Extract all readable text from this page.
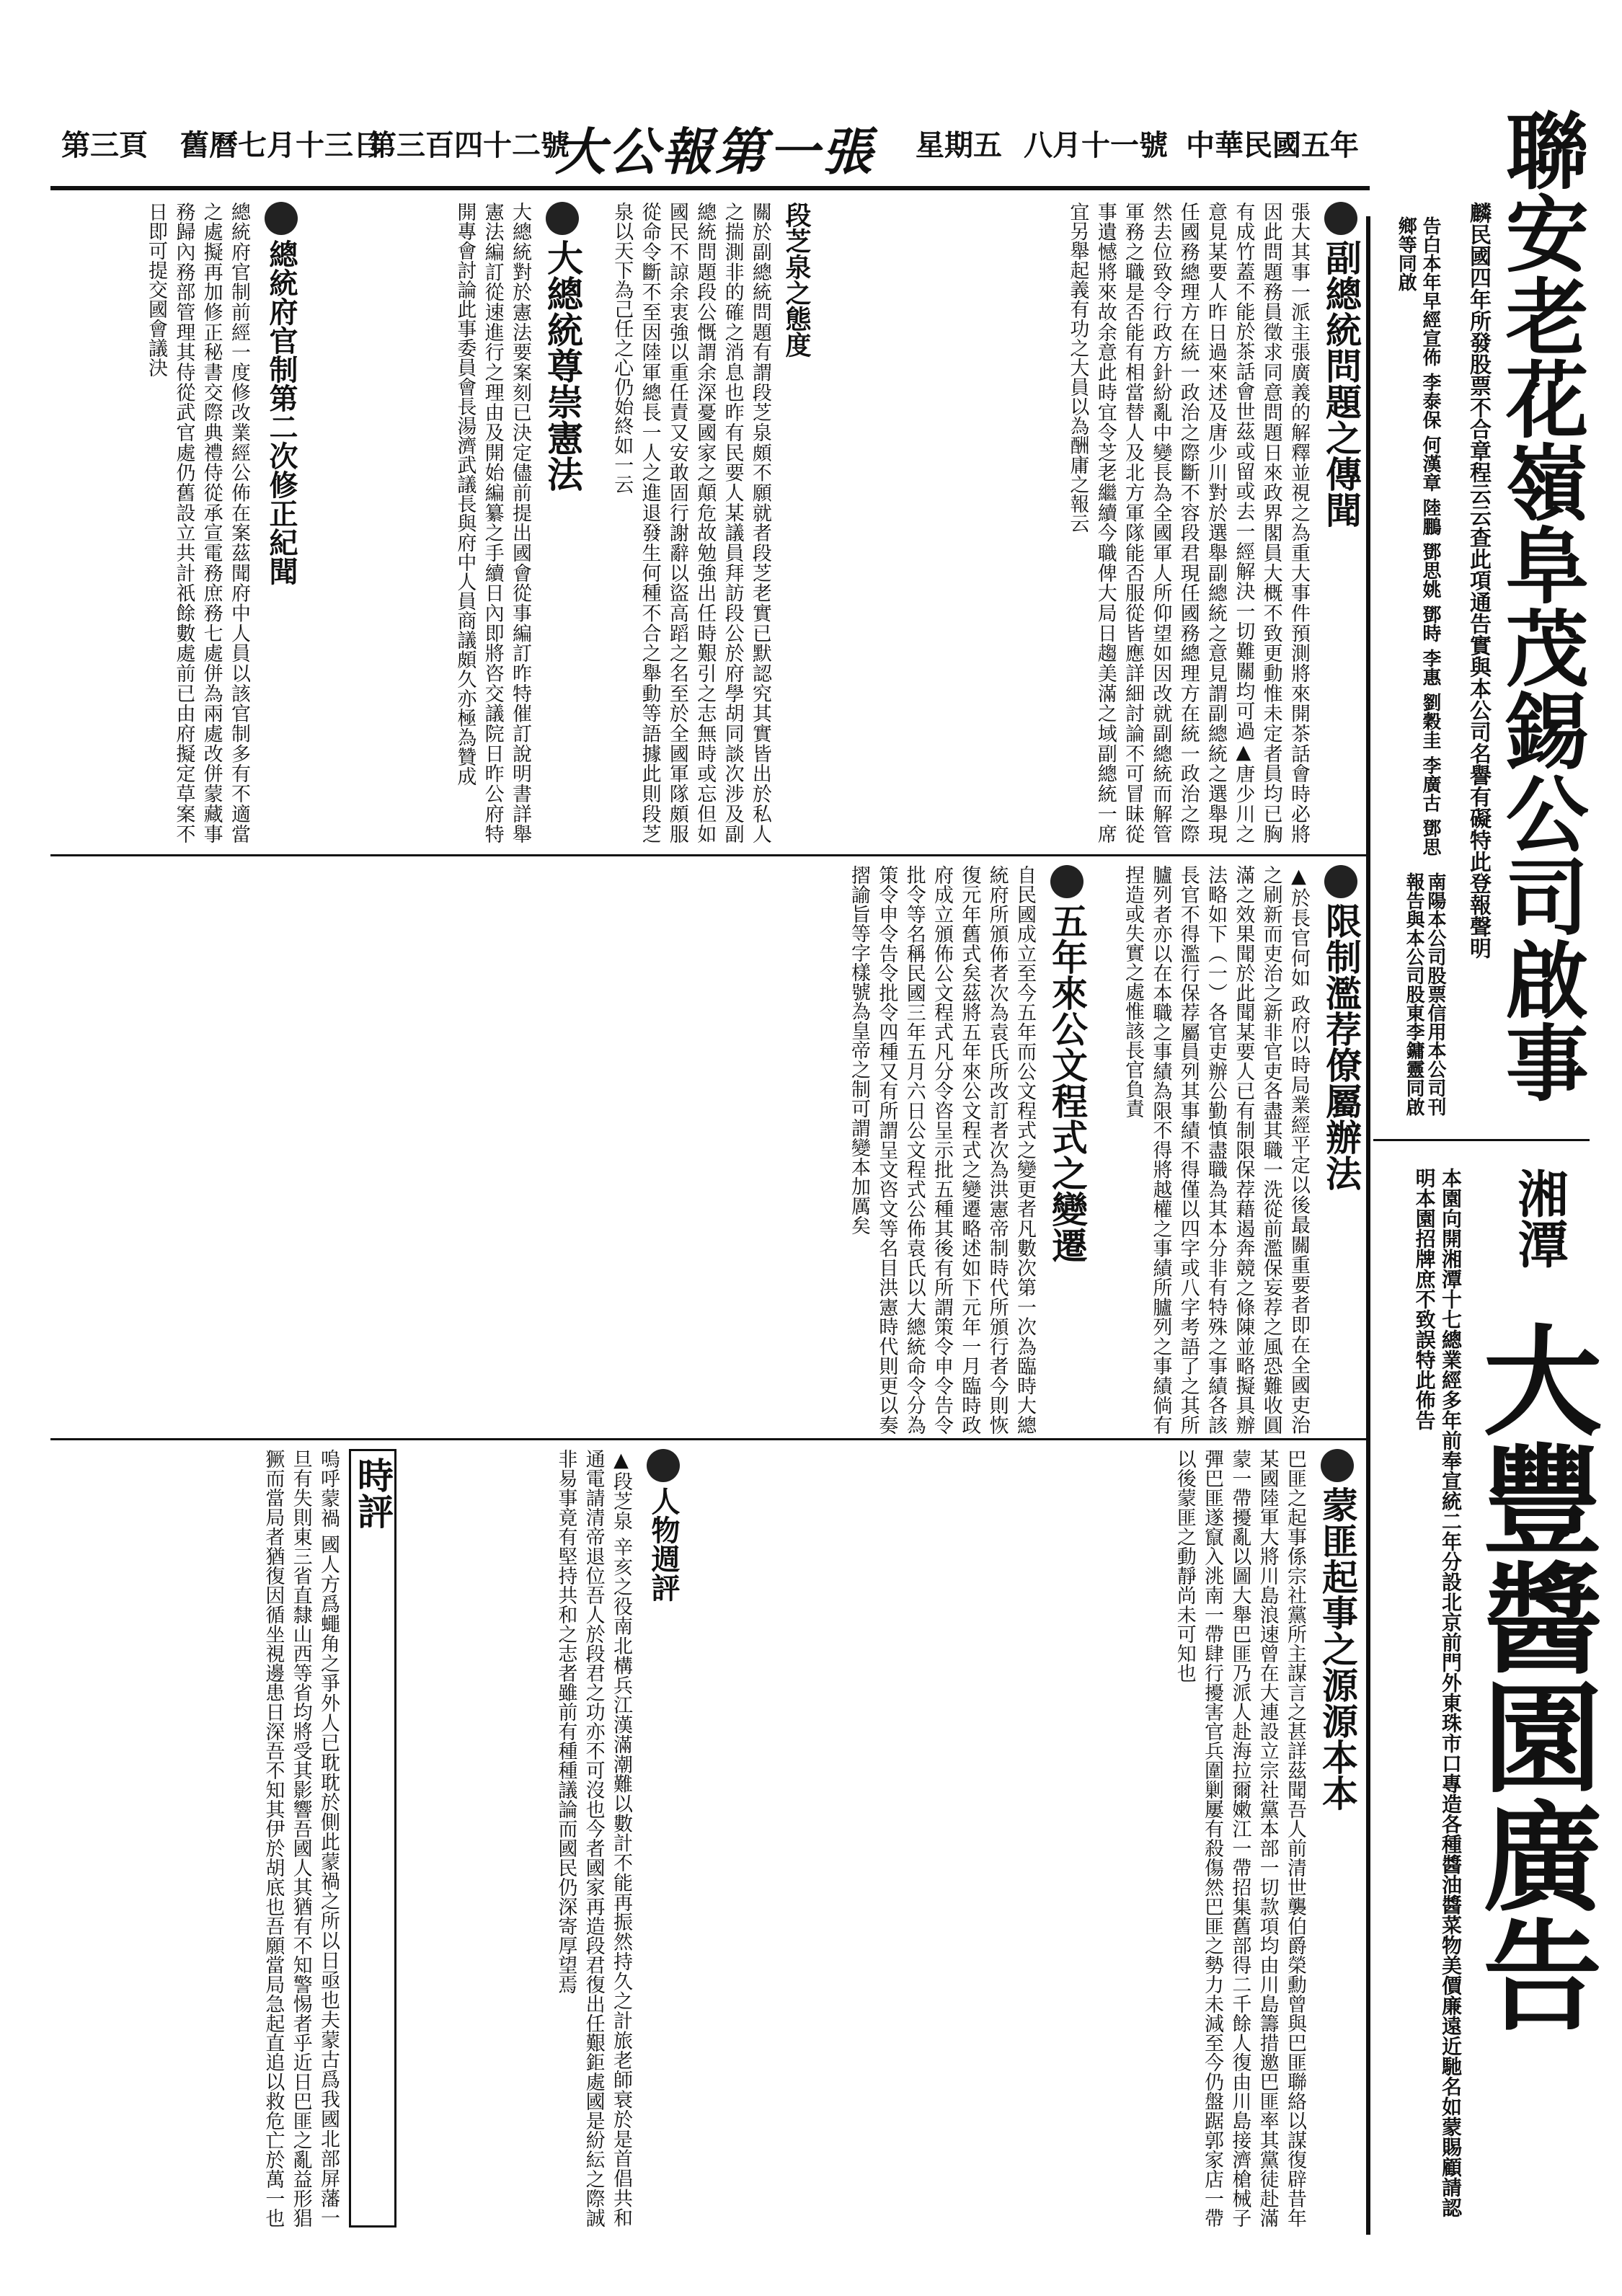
第三頁 舊曆七月十三日
第三百四十二號
大公報第一張 星期五 八月十一號 中華民國五年 聯安老花嶺阜茂錫公司啟事
麟民國四年所發股票不合章程云云查此項通告實與本公司名譽有礙特此登報聲明
告白本年早經宣佈 李泰保 何漢章 陸鵬 鄧思姚 鄧時 李惠 劉穀圭 李廣古 鄧思鄉等同啟
南陽本公司股票信用本公司刊報告與本公司股東李鏞靈同啟
湘潭
大豐醬園廣告
本園向開湘潭十七總業經多年前奉宣統二年分設北京前門外東珠市口專造各種醬油醬菜物美價廉遠近馳名如蒙賜顧請認明本園招牌庶不致誤特此佈告
副總統問題之傳聞

張大其事一派主張廣義的解釋並視之為重大事件預測將來開茶話會時必將因此問題務員徵求同意問題日來政界閣員大概不致更動惟未定者員均已胸有成竹蓋不能於茶話會世茲或留或去一經解決一切難關均可過▲唐少川之意見某要人昨日過來述及唐少川對於選舉副總統之意見謂副總統之選舉現任國務總理方在統一政治之際斷不容段君現任國務總理方在統一政治之際然去位致令行政方針紛亂中變長為全國軍人所仰望如因改就副總統而解管軍務之職是否能有相當替人及北方軍隊能否服從皆應詳細討論不可冒昧從事遺憾將來故余意此時宜令芝老繼續今職俾大局日趨美滿之域副總統一席宜另舉起義有功之大員以為酬庸之報云

段芝泉之態度

關於副總統問題有謂段芝泉頗不願就者段芝老實已默認究其實皆出於私人之揣測非的確之消息也昨有民要人某議員拜訪段公於府學胡同談次涉及副總統問題段公慨謂余深憂國家之顛危故勉強出任時艱引之志無時或忘但如國民不諒余衷強以重任責又安敢固行謝辭以盜高蹈之名至於全國軍隊頗服從命令斷不至因陸軍總長一人之進退發生何種不合之舉動等語據此則段芝泉以天下為己任之心仍始終如一云

大總統尊崇憲法

大總統對於憲法要案刻已決定儘前提出國會從事編訂昨特催訂說明書詳舉憲法編訂從速進行之理由及開始編纂之手續日內即將咨交議院日昨公府特開專會討論此事委員會長湯濟武議長與府中人員商議頗久亦極為贊成

總統府官制第二次修正紀聞

總統府官制前經一度修改業經公佈在案茲聞府中人員以該官制多有不適當之處擬再加修正秘書交際典禮侍從承宣電務庶務七處併為兩處改併蒙藏事務歸內務部管理其侍從武官處仍舊設立共計祇餘數處前已由府擬定草案不日即可提交國會議決

限制濫荐僚屬辦法

▲於長官何如 政府以時局業經平定以後最關重要者即在全國吏治之刷新而吏治之新非官吏各盡其職一洗從前濫保妄荐之風恐難收圓滿之效果聞於此聞某要人已有制限保荐藉遏奔競之條陳並略擬具辦法略如下（一）各官吏辦公勤慎盡職為其本分非有特殊之事績各該長官不得濫行保荐屬員列其事績不得僅以四字或八字考語了之其所臚列者亦以在本職之事績為限不得將越權之事績所臚列之事績倘有捏造或失實之處惟該長官負責

五年來公文程式之變遷

自民國成立至今五年而公文程式之變更者凡數次第一次為臨時大總統府所頒佈者次為袁氏所改訂者次為洪憲帝制時代所頒行者今則恢復元年舊式矣茲將五年來公文程式之變遷略述如下元年一月臨時政府成立頒佈公文程式凡分令咨呈示批五種其後有所謂策令申令告令批令等名稱民國三年五月六日公文程式公佈袁氏以大總統命令分為策令申令告令批令四種又有所謂呈文咨文等名目洪憲時代則更以奏摺諭旨等字樣號為皇帝之制可謂變本加厲矣

蒙匪起事之源源本本

巴匪之起事係宗社黨所主謀言之甚詳茲聞吾人前清世襲伯爵榮勳曾與巴匪聯絡以謀復辟昔年某國陸軍大將川島浪速曾在大連設立宗社黨本部一切款項均由川島籌措邀巴匪率其黨徒赴滿蒙一帶擾亂以圖大舉巴匪乃派人赴海拉爾嫩江一帶招集舊部得二千餘人復由川島接濟槍械子彈巴匪遂竄入洮南一帶肆行擾害官兵圍剿屢有殺傷然巴匪之勢力未減至今仍盤踞郭家店一帶以後蒙匪之動靜尚未可知也

人物週評

▲段芝泉 辛亥之役南北構兵江漢滿潮難以數計不能再振然持久之計旅老師衰於是首倡共和通電請清帝退位吾人於段君之功亦不可沒也今者國家再造段君復出任艱鉅處國是紛紜之際誠非易事竟有堅持共和之志者雖前有種種議論而國民仍深寄厚望焉

時評

嗚呼蒙禍 國人方爲蠅角之爭外人已耽耽於側此蒙禍之所以日亟也夫蒙古爲我國北部屏藩一旦有失則東三省直隸山西等省均將受其影響吾國人其猶有不知警惕者乎近日巴匪之亂益形猖獗而當局者猶復因循坐視邊患日深吾不知其伊於胡底也吾願當局急起直追以救危亡於萬一也
